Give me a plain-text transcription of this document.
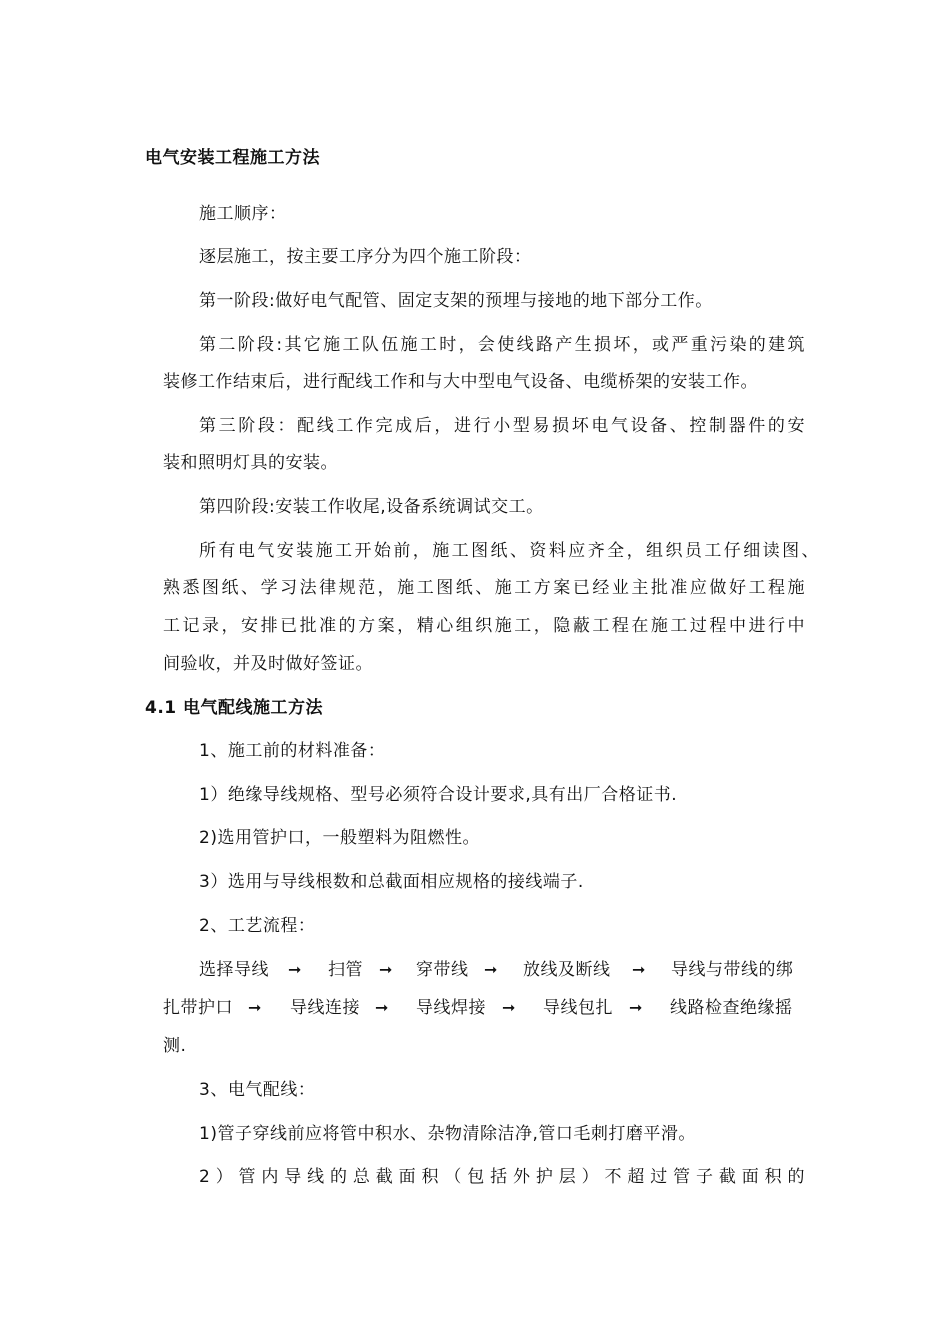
电气安装工程施工方法
施工顺序：
逐层施工，按主要工序分为四个施工阶段：
第一阶段:做好电气配管、固定支架的预埋与接地的地下部分工作。
第二阶段:其它施工队伍施工时，会使线路产生损坏，或严重污染的建筑
装修工作结束后，进行配线工作和与大中型电气设备、电缆桥架的安装工作。
第三阶段：配线工作完成后，进行小型易损坏电气设备、控制器件的安
装和照明灯具的安装。
第四阶段:安装工作收尾,设备系统调试交工。
所有电气安装施工开始前，施工图纸、资料应齐全，组织员工仔细读图、
熟悉图纸、学习法律规范，施工图纸、施工方案已经业主批准应做好工程施
工记录，安排已批准的方案，精心组织施工，隐蔽工程在施工过程中进行中
间验收，并及时做好签证。
4.1 电气配线施工方法
1、施工前的材料准备：
1）绝缘导线规格、型号必须符合设计要求,具有出厂合格证书.
2)选用管护口，一般塑料为阻燃性。
3）选用与导线根数和总截面相应规格的接线端子.
2、工艺流程：
选择导线 ➞ 扫管 ➞ 穿带线 ➞ 放线及断线 ➞ 导线与带线的绑
扎带护口 ➞ 导线连接 ➞ 导线焊接 ➞ 导线包扎 ➞ 线路检查绝缘摇
测.
3、电气配线：
1)管子穿线前应将管中积水、杂物清除洁净,管口毛刺打磨平滑。
2）管内导线的总截面积（包括外护层）不超过管子截面积的
